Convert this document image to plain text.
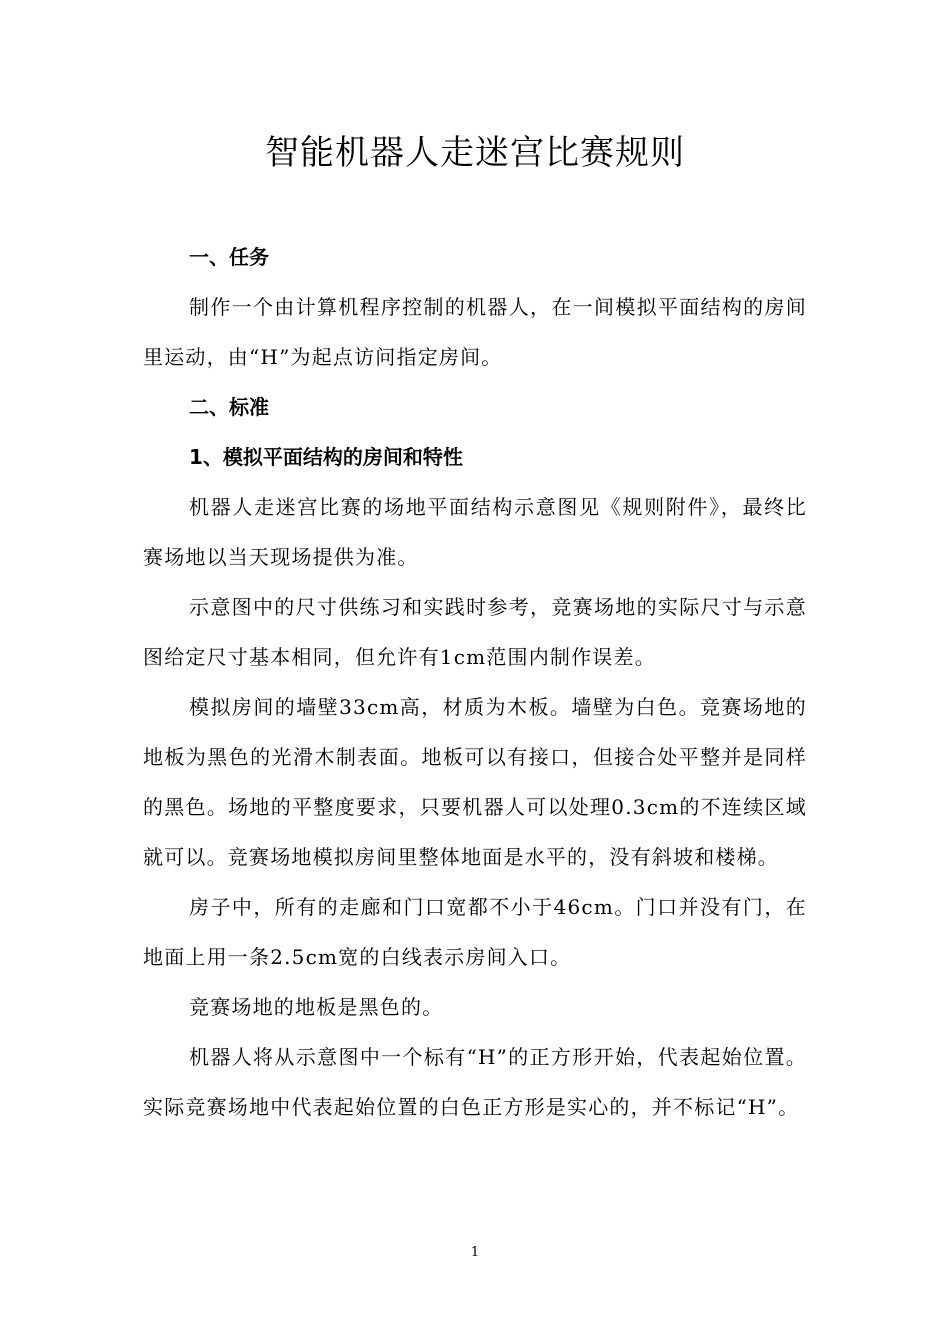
智能机器人走迷宫比赛规则
一、任务

制作一个由计算机程序控制的机器人，在一间模拟平面结构的房间里运动，由“H”为起点访问指定房间。

二、标准
1、模拟平面结构的房间和特性

机器人走迷宫比赛的场地平面结构示意图见《规则附件》，最终比赛场地以当天现场提供为准。

示意图中的尺寸供练习和实践时参考，竞赛场地的实际尺寸与示意图给定尺寸基本相同，但允许有1cm范围内制作误差。

模拟房间的墙壁33cm高，材质为木板。墙壁为白色。竞赛场地的地板为黑色的光滑木制表面。地板可以有接口，但接合处平整并是同样的黑色。场地的平整度要求，只要机器人可以处理0.3cm的不连续区域就可以。竞赛场地模拟房间里整体地面是水平的，没有斜坡和楼梯。

房子中，所有的走廊和门口宽都不小于46cm。门口并没有门，在地面上用一条2.5cm宽的白线表示房间入口。

竞赛场地的地板是黑色的。

机器人将从示意图中一个标有“H”的正方形开始，代表起始位置。实际竞赛场地中代表起始位置的白色正方形是实心的，并不标记“H”。

1
